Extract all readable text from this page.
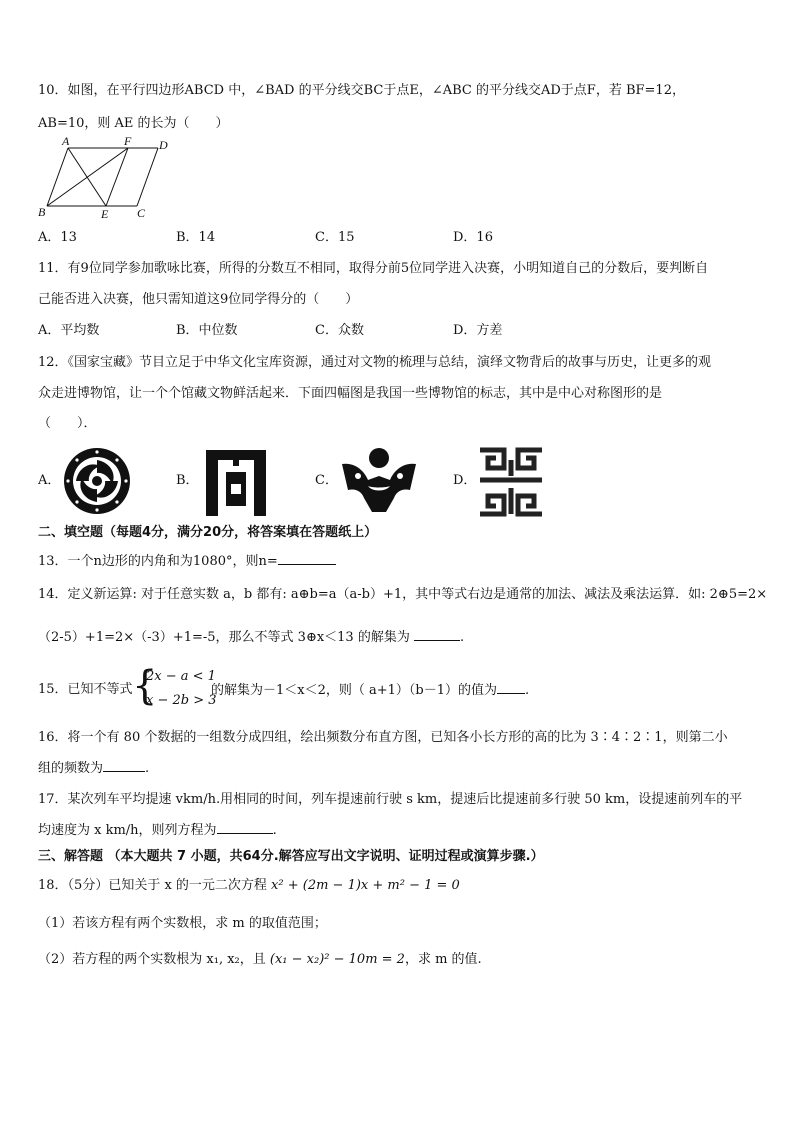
10．如图，在平行四边形ABCD 中，∠BAD 的平分线交BC于点E，∠ABC 的平分线交AD于点F，若 BF=12，
AB=10，则 AE 的长为（　　）
A	F D
B	E C
A．13	B．14	C．15	D．16
11．有9位同学参加歌咏比赛，所得的分数互不相同，取得分前5位同学进入决赛，小明知道自己的分数后，要判断自
己能否进入决赛，他只需知道这9位同学得分的（　　）
A．平均数	B．中位数	C．众数	D．方差
12．《国家宝藏》节目立足于中华文化宝库资源，通过对文物的梳理与总结，演绎文物背后的故事与历史，让更多的观
众走进博物馆，让一个个馆藏文物鲜活起来．下面四幅图是我国一些博物馆的标志，其中是中心对称图形的是
（　　）．
A．	B．	C．	D．
二、填空题（每题4分，满分20分，将答案填在答题纸上）
13．一个n边形的内角和为1080°，则n=
14．定义新运算: 对于任意实数 a，b 都有: a⊕b=a（a-b）+1，其中等式右边是通常的加法、减法及乘法运算．如: 2⊕5=2×
（2-5）+1=2×（-3）+1=-5，那么不等式 3⊕x＜13 的解集为	.
15．已知不等式 {
2x − a < 1
x − 2b > 3
的解集为－1＜x＜2，则（ a+1）（b－1）的值为 .
16．将一个有 80 个数据的一组数分成四组，绘出频数分布直方图，已知各小长方形的高的比为 3∶4∶2∶1，则第二小
组的频数为	.
17．某次列车平均提速 vkm/h.用相同的时间，列车提速前行驶 s km，提速后比提速前多行驶 50 km，设提速前列车的平
均速度为 x km/h，则列方程为	.
三、解答题 （本大题共 7 小题，共64分.解答应写出文字说明、证明过程或演算步骤.）
18．（5分）已知关于 x 的一元二次方程 x² + (2m − 1)x + m² − 1 = 0
（1）若该方程有两个实数根，求 m 的取值范围；
（2）若方程的两个实数根为 x₁, x₂，且 (x₁ − x₂)² − 10m = 2，求 m 的值.
